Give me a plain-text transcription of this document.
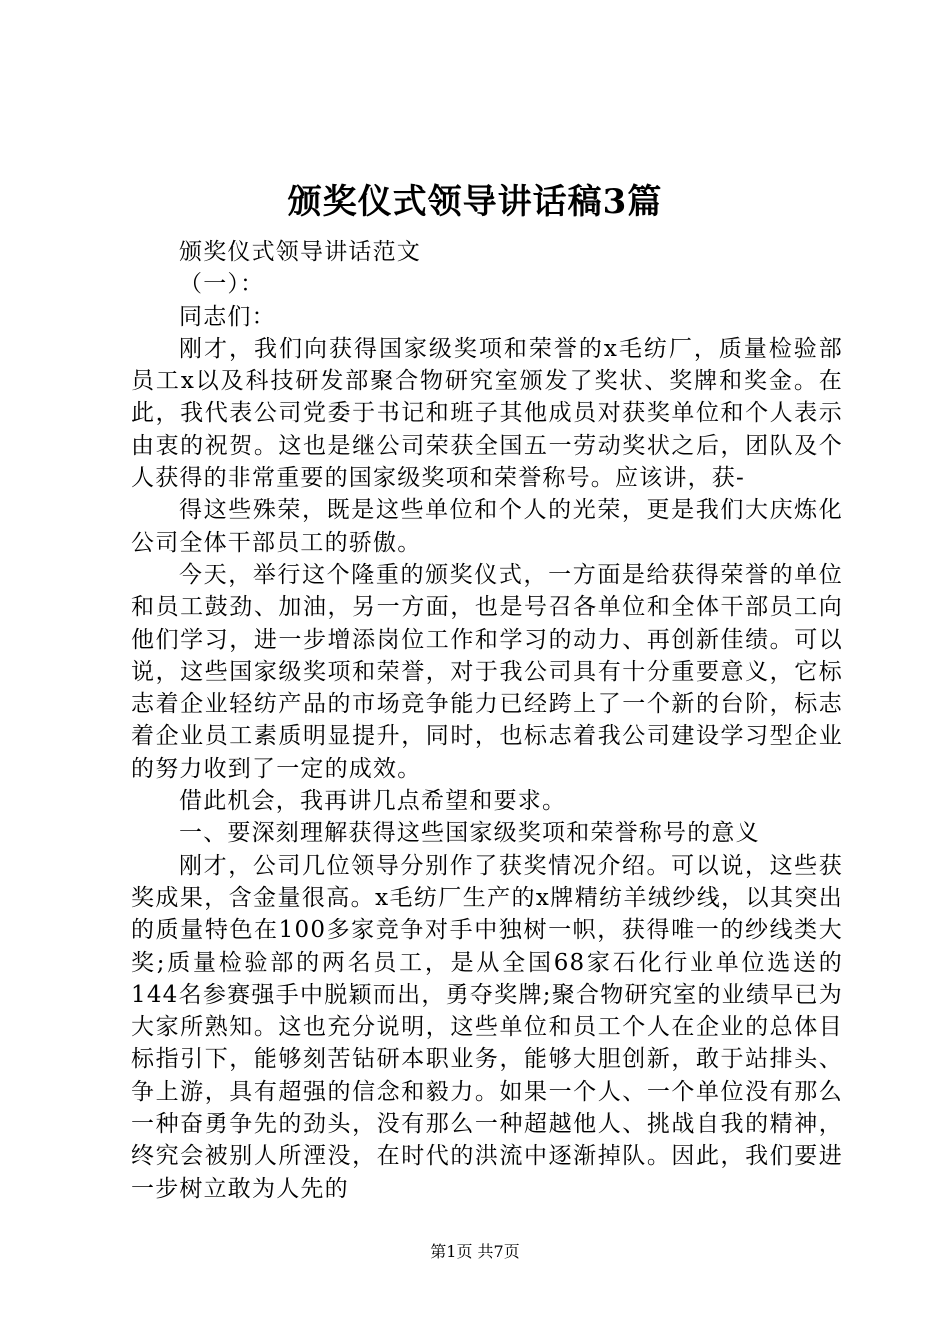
颁奖仪式领导讲话稿3篇

颁奖仪式领导讲话范文

（一）：

同志们：

刚才，我们向获得国家级奖项和荣誉的x毛纺厂，质量检验部员工x以及科技研发部聚合物研究室颁发了奖状、奖牌和奖金。在此，我代表公司党委于书记和班子其他成员对获奖单位和个人表示由衷的祝贺。这也是继公司荣获全国五一劳动奖状之后，团队及个人获得的非常重要的国家级奖项和荣誉称号。应该讲，获-

得这些殊荣，既是这些单位和个人的光荣，更是我们大庆炼化公司全体干部员工的骄傲。

今天，举行这个隆重的颁奖仪式，一方面是给获得荣誉的单位和员工鼓劲、加油，另一方面，也是号召各单位和全体干部员工向他们学习，进一步增添岗位工作和学习的动力、再创新佳绩。可以说，这些国家级奖项和荣誉，对于我公司具有十分重要意义，它标志着企业轻纺产品的市场竞争能力已经跨上了一个新的台阶，标志着企业员工素质明显提升，同时，也标志着我公司建设学习型企业的努力收到了一定的成效。

借此机会，我再讲几点希望和要求。

一、要深刻理解获得这些国家级奖项和荣誉称号的意义

刚才，公司几位领导分别作了获奖情况介绍。可以说，这些获奖成果，含金量很高。x毛纺厂生产的x牌精纺羊绒纱线，以其突出的质量特色在100多家竞争对手中独树一帜，获得唯一的纱线类大奖;质量检验部的两名员工，是从全国68家石化行业单位选送的144名参赛强手中脱颖而出，勇夺奖牌;聚合物研究室的业绩早已为大家所熟知。这也充分说明，这些单位和员工个人在企业的总体目标指引下，能够刻苦钻研本职业务，能够大胆创新，敢于站排头、争上游，具有超强的信念和毅力。如果一个人、一个单位没有那么一种奋勇争先的劲头，没有那么一种超越他人、挑战自我的精神，终究会被别人所湮没，在时代的洪流中逐渐掉队。因此，我们要进一步树立敢为人先的

第1页 共7页
